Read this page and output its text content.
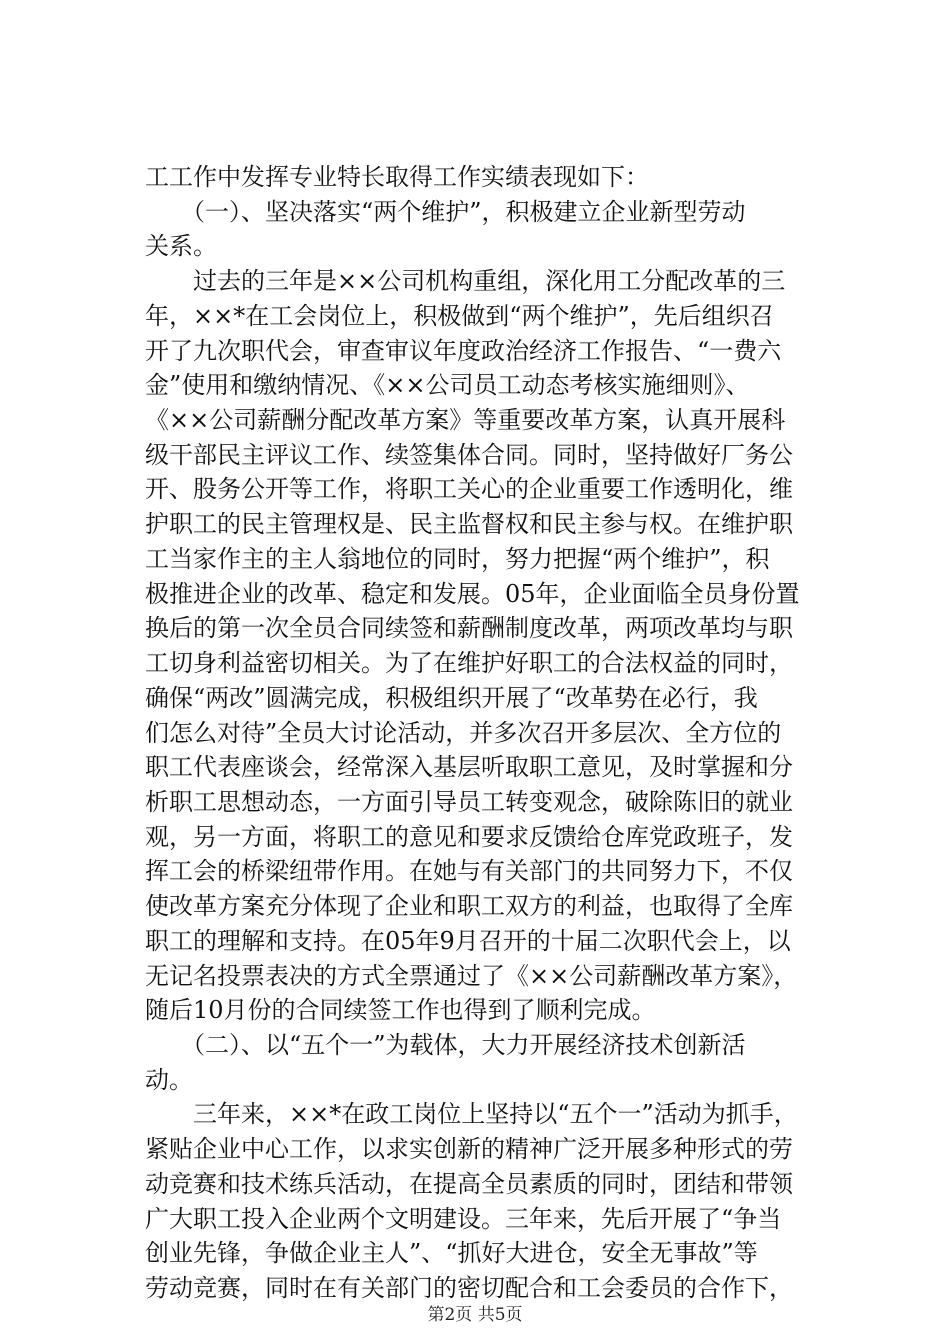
工工作中发挥专业特长取得工作实绩表现如下：
　　（一）、坚决落实“两个维护”，积极建立企业新型劳动
关系。
　　过去的三年是××公司机构重组，深化用工分配改革的三
年，××*在工会岗位上，积极做到“两个维护”，先后组织召
开了九次职代会，审查审议年度政治经济工作报告、“一费六
金”使用和缴纳情况、《××公司员工动态考核实施细则》、
《××公司薪酬分配改革方案》等重要改革方案，认真开展科
级干部民主评议工作、续签集体合同。同时，坚持做好厂务公
开、股务公开等工作，将职工关心的企业重要工作透明化，维
护职工的民主管理权是、民主监督权和民主参与权。在维护职
工当家作主的主人翁地位的同时，努力把握“两个维护”，积
极推进企业的改革、稳定和发展。05年，企业面临全员身份置
换后的第一次全员合同续签和薪酬制度改革，两项改革均与职
工切身利益密切相关。为了在维护好职工的合法权益的同时，
确保“两改”圆满完成，积极组织开展了“改革势在必行，我
们怎么对待”全员大讨论活动，并多次召开多层次、全方位的
职工代表座谈会，经常深入基层听取职工意见，及时掌握和分
析职工思想动态，一方面引导员工转变观念，破除陈旧的就业
观，另一方面，将职工的意见和要求反馈给仓库党政班子，发
挥工会的桥梁纽带作用。在她与有关部门的共同努力下，不仅
使改革方案充分体现了企业和职工双方的利益，也取得了全库
职工的理解和支持。在05年9月召开的十届二次职代会上，以
无记名投票表决的方式全票通过了《××公司薪酬改革方案》，
随后10月份的合同续签工作也得到了顺利完成。
　　（二）、以“五个一”为载体，大力开展经济技术创新活
动。
　　三年来，××*在政工岗位上坚持以“五个一”活动为抓手，
紧贴企业中心工作，以求实创新的精神广泛开展多种形式的劳
动竞赛和技术练兵活动，在提高全员素质的同时，团结和带领
广大职工投入企业两个文明建设。三年来，先后开展了“争当
创业先锋，争做企业主人”、“抓好大进仓，安全无事故”等
劳动竞赛，同时在有关部门的密切配合和工会委员的合作下，
第2页 共5页
